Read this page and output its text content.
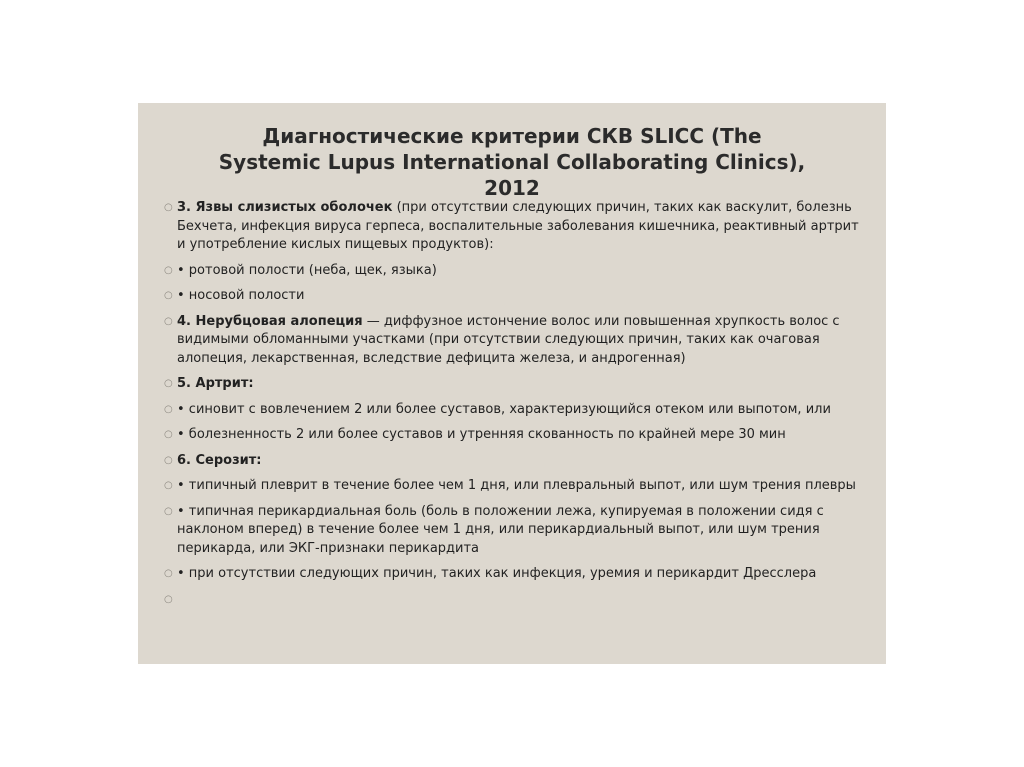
Диагностические критерии СКВ SLICC (The
Systemic Lupus International Collaborating Clinics),
2012
○ 3. Язвы слизистых оболочек (при отсутствии следующих причин, таких как васкулит, болезнь Бехчета, инфекция вируса герпеса, воспалительные заболевания кишечника, реактивный артрит и употребление кислых пищевых продуктов):
○ • ротовой полости (неба, щек, языка)
○ • носовой полости
○ 4. Нерубцовая алопеция — диффузное истончение волос или повышенная хрупкость волос с видимыми обломанными участками (при отсутствии следующих причин, таких как очаговая алопеция, лекарственная, вследствие дефицита железа, и андрогенная)
○ 5. Артрит:
○ • синовит с вовлечением 2 или более суставов, характеризующийся отеком или выпотом, или
○ • болезненность 2 или более суставов и утренняя скованность по крайней мере 30 мин
○ 6. Серозит:
○ • типичный плеврит в течение более чем 1 дня, или плевральный выпот, или шум трения плевры
○ • типичная перикардиальная боль (боль в положении лежа, купируемая в положении сидя с наклоном вперед) в течение более чем 1 дня, или перикардиальный выпот, или шум трения перикарда, или ЭКГ-признаки перикардита
○ • при отсутствии следующих причин, таких как инфекция, уремия и перикардит Дресслера
○
